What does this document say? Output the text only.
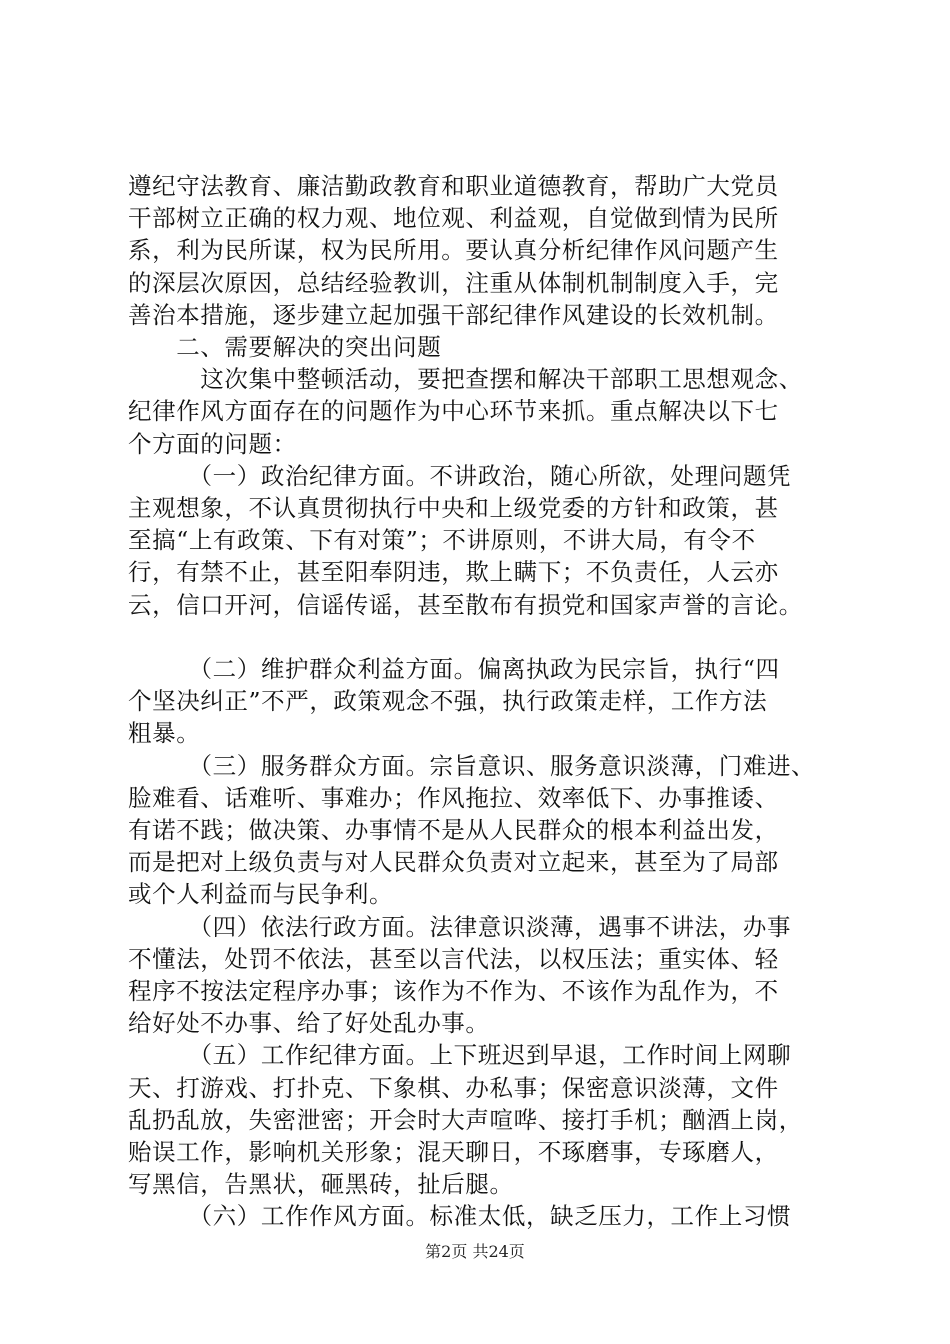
遵纪守法教育、廉洁勤政教育和职业道德教育，帮助广大党员
干部树立正确的权力观、地位观、利益观，自觉做到情为民所
系，利为民所谋，权为民所用。要认真分析纪律作风问题产生
的深层次原因，总结经验教训，注重从体制机制制度入手，完
善治本措施，逐步建立起加强干部纪律作风建设的长效机制。
　　二、需要解决的突出问题
　　　这次集中整顿活动，要把查摆和解决干部职工思想观念、
纪律作风方面存在的问题作为中心环节来抓。重点解决以下七
个方面的问题：
　　　（一）政治纪律方面。不讲政治，随心所欲，处理问题凭
主观想象，不认真贯彻执行中央和上级党委的方针和政策，甚
至搞“上有政策、下有对策”；不讲原则，不讲大局，有令不
行，有禁不止，甚至阳奉阴违，欺上瞒下；不负责任，人云亦
云，信口开河，信谣传谣，甚至散布有损党和国家声誉的言论。
　　　（二）维护群众利益方面。偏离执政为民宗旨，执行“四
个坚决纠正”不严，政策观念不强，执行政策走样，工作方法
粗暴。
　　　（三）服务群众方面。宗旨意识、服务意识淡薄，门难进、
脸难看、话难听、事难办；作风拖拉、效率低下、办事推诿、
有诺不践；做决策、办事情不是从人民群众的根本利益出发，
而是把对上级负责与对人民群众负责对立起来，甚至为了局部
或个人利益而与民争利。
　　　（四）依法行政方面。法律意识淡薄，遇事不讲法，办事
不懂法，处罚不依法，甚至以言代法，以权压法；重实体、轻
程序不按法定程序办事；该作为不作为、不该作为乱作为，不
给好处不办事、给了好处乱办事。
　　　（五）工作纪律方面。上下班迟到早退，工作时间上网聊
天、打游戏、打扑克、下象棋、办私事；保密意识淡薄，文件
乱扔乱放，失密泄密；开会时大声喧哗、接打手机；酗酒上岗，
贻误工作，影响机关形象；混天聊日，不琢磨事，专琢磨人，
写黑信，告黑状，砸黑砖，扯后腿。
　　　（六）工作作风方面。标准太低，缺乏压力，工作上习惯
第2页 共24页
